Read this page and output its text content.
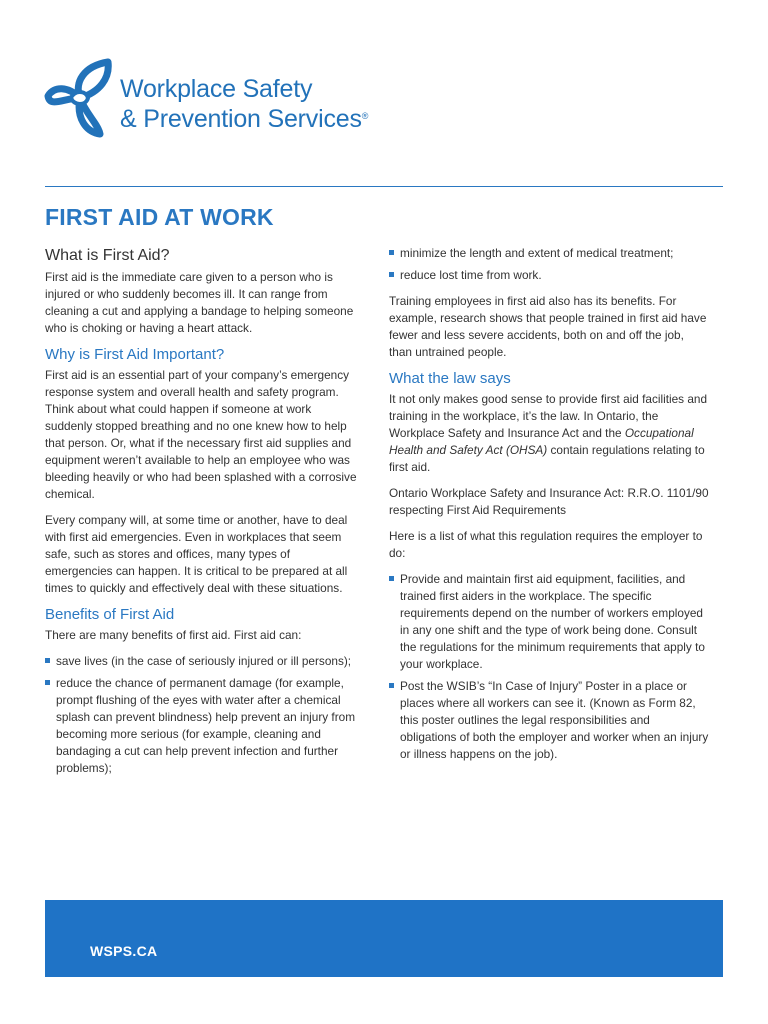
Workplace Safety
& Prevention Services®
FIRST AID AT WORK
What is First Aid?

First aid is the immediate care given to a person who is injured or who suddenly becomes ill. It can range from cleaning a cut and applying a bandage to helping someone who is choking or having a heart attack.

Why is First Aid Important?

First aid is an essential part of your company’s emergency response system and overall health and safety program. Think about what could happen if someone at work suddenly stopped breathing and no one knew how to help that person. Or, what if the necessary first aid supplies and equipment weren’t available to help an employee who was bleeding heavily or who had been splashed with a corrosive chemical.

Every company will, at some time or another, have to deal with first aid emergencies. Even in workplaces that seem safe, such as stores and offices, many types of emergencies can happen. It is critical to be prepared at all times to quickly and effectively deal with these situations.

Benefits of First Aid

There are many benefits of first aid. First aid can:

save lives (in the case of seriously injured or ill persons);
reduce the chance of permanent damage (for example, prompt flushing of the eyes with water after a chemical splash can prevent blindness) help prevent an injury from becoming more serious (for example, cleaning and bandaging a cut can help prevent infection and further problems);
minimize the length and extent of medical treatment;
reduce lost time from work.

Training employees in first aid also has its benefits. For example, research shows that people trained in first aid have fewer and less severe accidents, both on and off the job, than untrained people.

What the law says

It not only makes good sense to provide first aid facilities and training in the workplace, it’s the law. In Ontario, the Workplace Safety and Insurance Act and the Occupational Health and Safety Act (OHSA) contain regulations relating to first aid.

Ontario Workplace Safety and Insurance Act: R.R.O. 1101/90 respecting First Aid Requirements

Here is a list of what this regulation requires the employer to do:

Provide and maintain first aid equipment, facilities, and trained first aiders in the workplace. The specific requirements depend on the number of workers employed in any one shift and the type of work being done. Consult the regulations for the minimum requirements that apply to your workplace.
Post the WSIB’s “In Case of Injury” Poster in a place or places where all workers can see it. (Known as Form 82, this poster outlines the legal responsibilities and obligations of both the employer and worker when an injury or illness happens on the job).
WSPS.CA
